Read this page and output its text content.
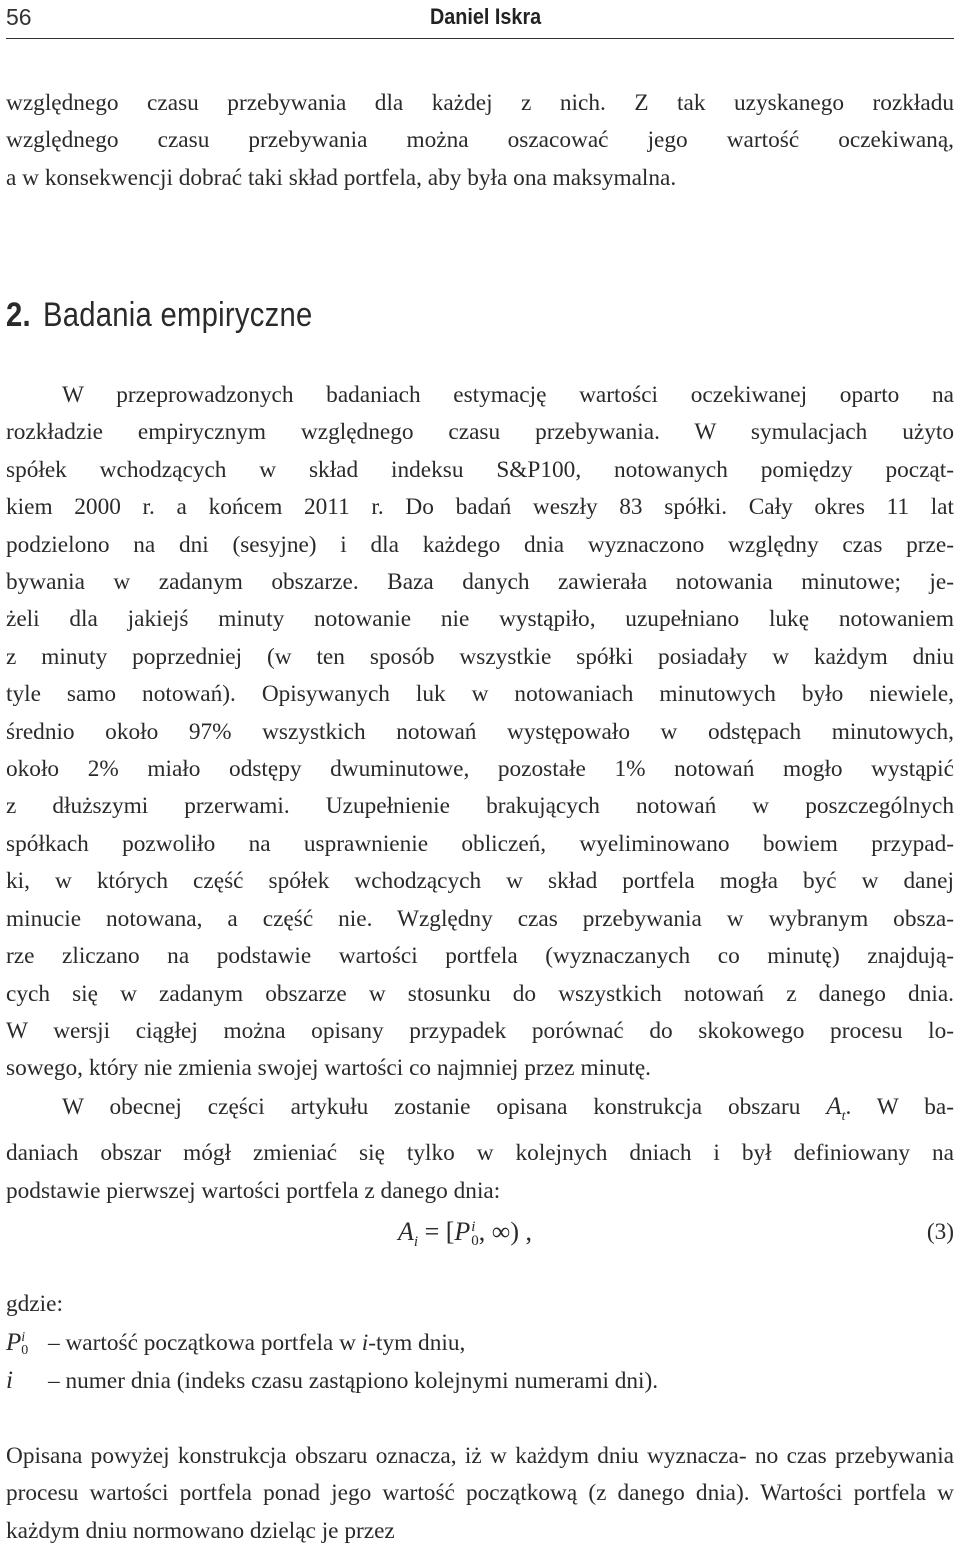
56	Daniel Iskra
względnego czasu przebywania dla każdej z nich. Z tak uzyskanego rozkładu
względnego czasu przebywania można oszacować jego wartość oczekiwaną,
a w konsekwencji dobrać taki skład portfela, aby była ona maksymalna.
2. Badania empiryczne
W przeprowadzonych badaniach estymację wartości oczekiwanej oparto na
rozkładzie empirycznym względnego czasu przebywania. W symulacjach użyto
spółek wchodzących w skład indeksu S&P100, notowanych pomiędzy począt-
kiem 2000 r. a końcem 2011 r. Do badań weszły 83 spółki. Cały okres 11 lat
podzielono na dni (sesyjne) i dla każdego dnia wyznaczono względny czas prze-
bywania w zadanym obszarze. Baza danych zawierała notowania minutowe; je-
żeli dla jakiejś minuty notowanie nie wystąpiło, uzupełniano lukę notowaniem
z minuty poprzedniej (w ten sposób wszystkie spółki posiadały w każdym dniu
tyle samo notowań). Opisywanych luk w notowaniach minutowych było niewiele,
średnio około 97% wszystkich notowań występowało w odstępach minutowych,
około 2% miało odstępy dwuminutowe, pozostałe 1% notowań mogło wystąpić
z dłuższymi przerwami. Uzupełnienie brakujących notowań w poszczególnych
spółkach pozwoliło na usprawnienie obliczeń, wyeliminowano bowiem przypad-
ki, w których część spółek wchodzących w skład portfela mogła być w danej
minucie notowana, a część nie. Względny czas przebywania w wybranym obsza-
rze zliczano na podstawie wartości portfela (wyznaczanych co minutę) znajdują-
cych się w zadanym obszarze w stosunku do wszystkich notowań z danego dnia.
W wersji ciągłej można opisany przypadek porównać do skokowego procesu lo-
sowego, który nie zmienia swojej wartości co najmniej przez minutę.
W obecnej części artykułu zostanie opisana konstrukcja obszaru $A_t$. W ba-
daniach obszar mógł zmieniać się tylko w kolejnych dniach i był definiowany na
podstawie pierwszej wartości portfela z danego dnia:
$A_i = [P$ i
0 , ∞) ,	(3)
gdzie:
P i
0 – wartość początkowa portfela w i-tym dniu,
i – numer dnia (indeks czasu zastąpiono kolejnymi numerami dni).
Opisana powyżej konstrukcja obszaru oznacza, iż w każdym dniu wyznacza- no czas przebywania procesu wartości portfela ponad jego wartość początkową (z danego dnia). Wartości portfela w każdym dniu normowano dzieląc je przez
